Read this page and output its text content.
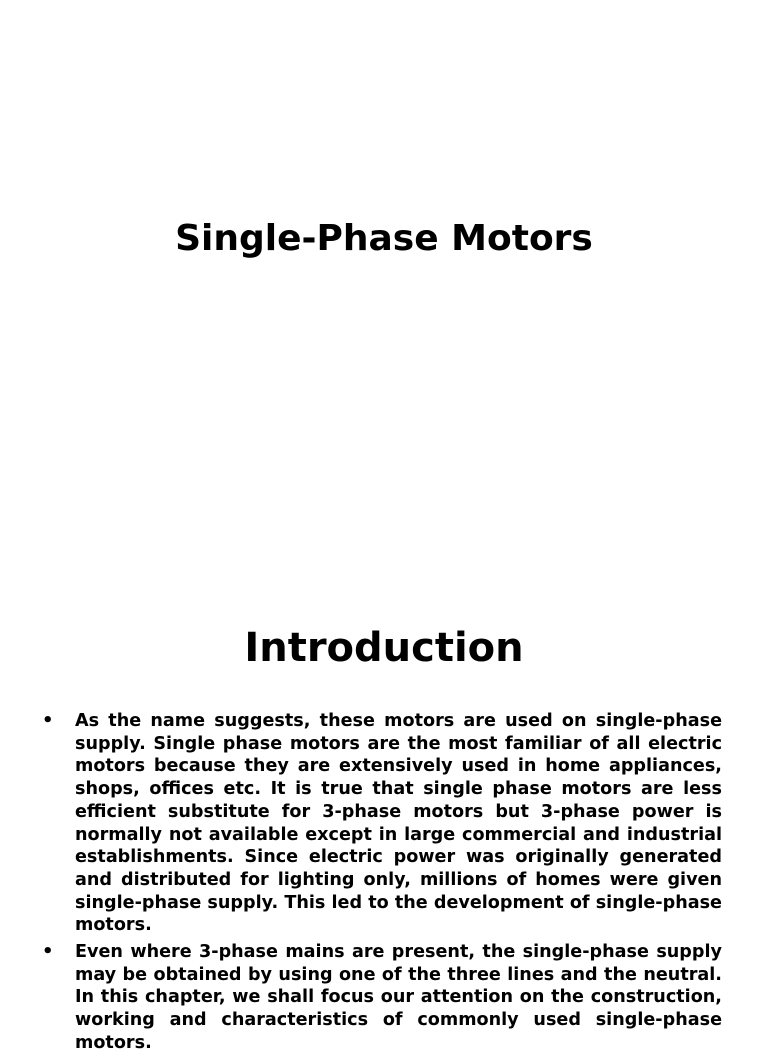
Single-Phase Motors
Introduction
• As the name suggests, these motors are used on single-phase supply. Single phase motors are the most familiar of all electric motors because they are extensively used in home appliances, shops, offices etc. It is true that single phase motors are less efficient substitute for 3-phase motors but 3-phase power is normally not available except in large commercial and industrial establishments. Since electric power was originally generated and distributed for lighting only, millions of homes were given single-phase supply. This led to the development of single-phase motors.
• Even where 3-phase mains are present, the single-phase supply may be obtained by using one of the three lines and the neutral. In this chapter, we shall focus our attention on the construction, working and characteristics of commonly used single-phase motors.
